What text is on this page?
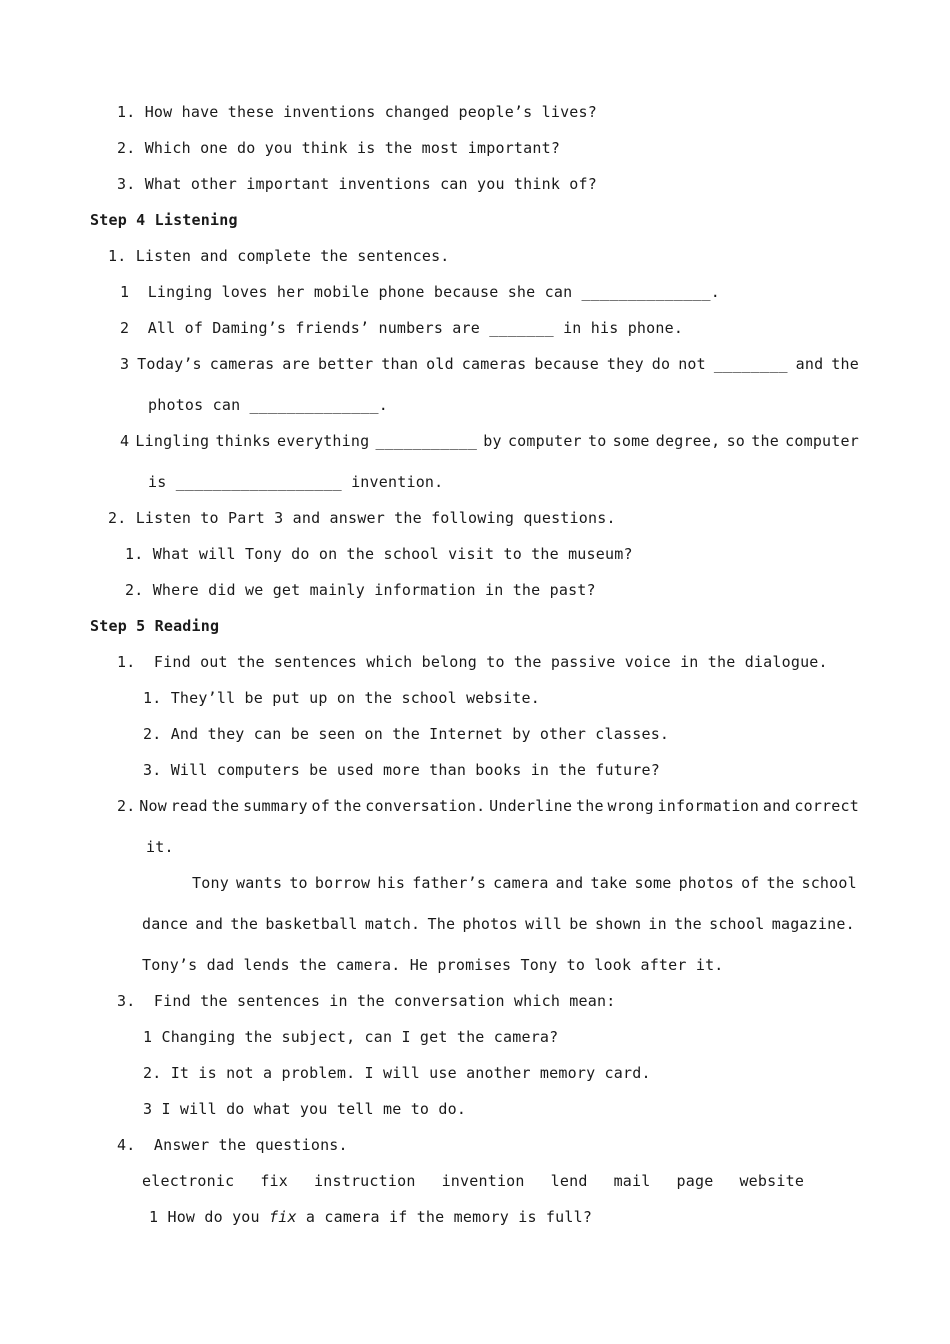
1. How have these inventions changed people’s lives?
2. Which one do you think is the most important?
3. What other important inventions can you think of?
Step 4 Listening
1. Listen and complete the sentences.
1  Linging loves her mobile phone because she can ______________.
2  All of Daming’s friends’ numbers are _______ in his phone.
3 Today’s cameras are better than old cameras because they do not ________ and the
photos can ______________.
4 Lingling thinks everything ___________ by computer to some degree, so the computer
is __________________ invention.
2. Listen to Part 3 and answer the following questions.
1. What will Tony do on the school visit to the museum?
2. Where did we get mainly information in the past?
Step 5 Reading
1.  Find out the sentences which belong to the passive voice in the dialogue.
1. They’ll be put up on the school website.
2. And they can be seen on the Internet by other classes.
3. Will computers be used more than books in the future?
2. Now read the summary of the conversation. Underline the wrong information and correct
it.
Tony wants to borrow his father’s camera and take some photos of the school
dance and the basketball match. The photos will be shown in the school magazine.
Tony’s dad lends the camera. He promises Tony to look after it.
3.  Find the sentences in the conversation which mean:
1 Changing the subject, can I get the camera?
2. It is not a problem. I will use another memory card.
3 I will do what you tell me to do.
4.  Answer the questions.
electronic fix instruction invention lend mail page website
1 How do you fix a camera if the memory is full?
